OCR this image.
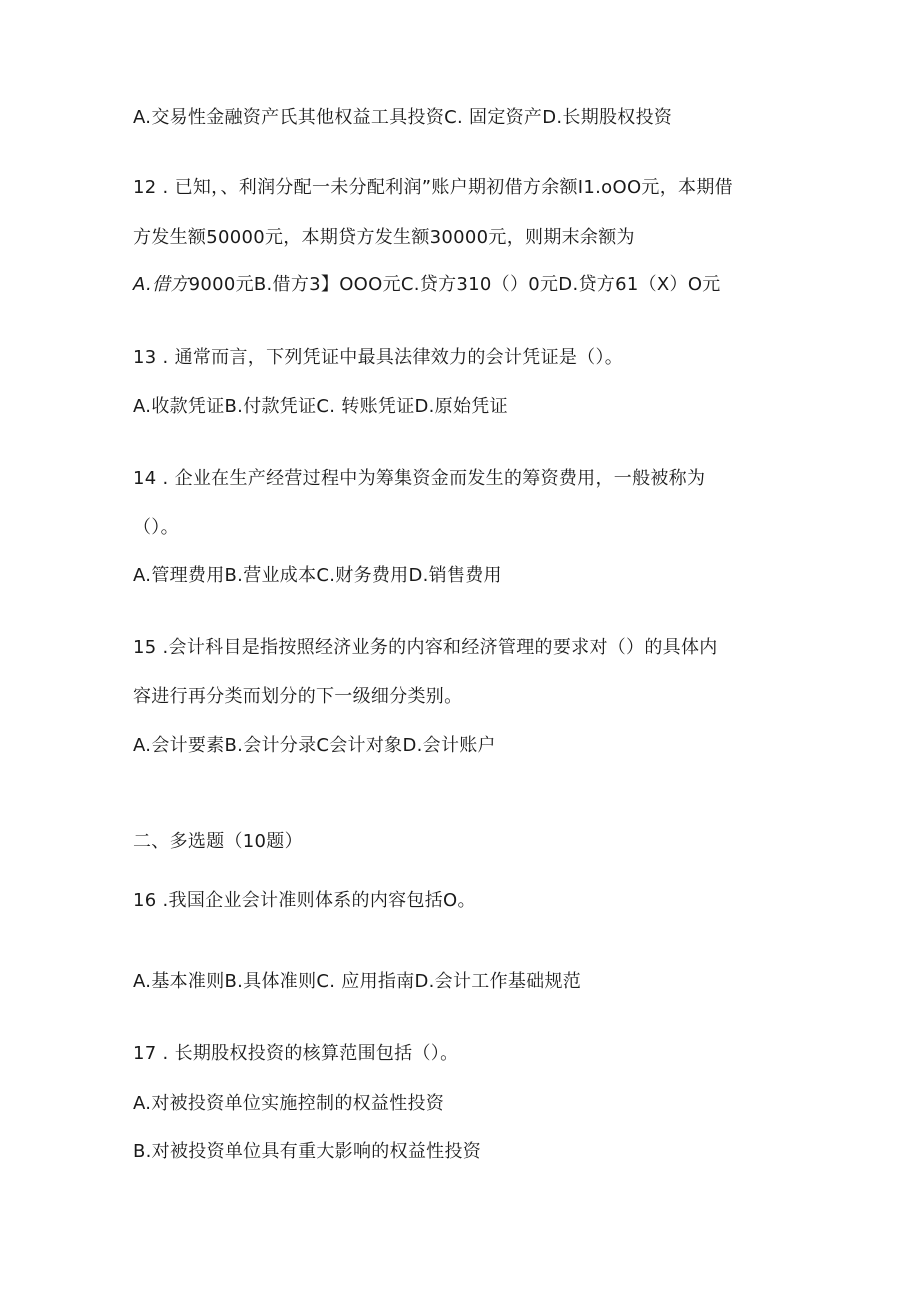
A.交易性金融资产氏其他权益工具投资C. 固定资产D.长期股权投资
12 . 已知，、利润分配一未分配利润”账户期初借方余额I1.oOO元，本期借
方发生额50000元，本期贷方发生额30000元，则期末余额为
A.借方9000元B.借方3】OOO元C.贷方310（）0元D.贷方61（X）O元
13 . 通常而言，下列凭证中最具法律效力的会计凭证是（）。
A.收款凭证B.付款凭证C. 转账凭证D.原始凭证
14 . 企业在生产经营过程中为筹集资金而发生的筹资费用，一般被称为
（）。
A.管理费用B.营业成本C.财务费用D.销售费用
15 .会计科目是指按照经济业务的内容和经济管理的要求对（）的具体内
容进行再分类而划分的下一级细分类别。
A.会计要素B.会计分录C会计对象D.会计账户
二、多选题（10题）
16 .我国企业会计准则体系的内容包括O。
A.基本准则B.具体准则C. 应用指南D.会计工作基础规范
17 . 长期股权投资的核算范围包括（）。
A.对被投资单位实施控制的权益性投资
B.对被投资单位具有重大影响的权益性投资
